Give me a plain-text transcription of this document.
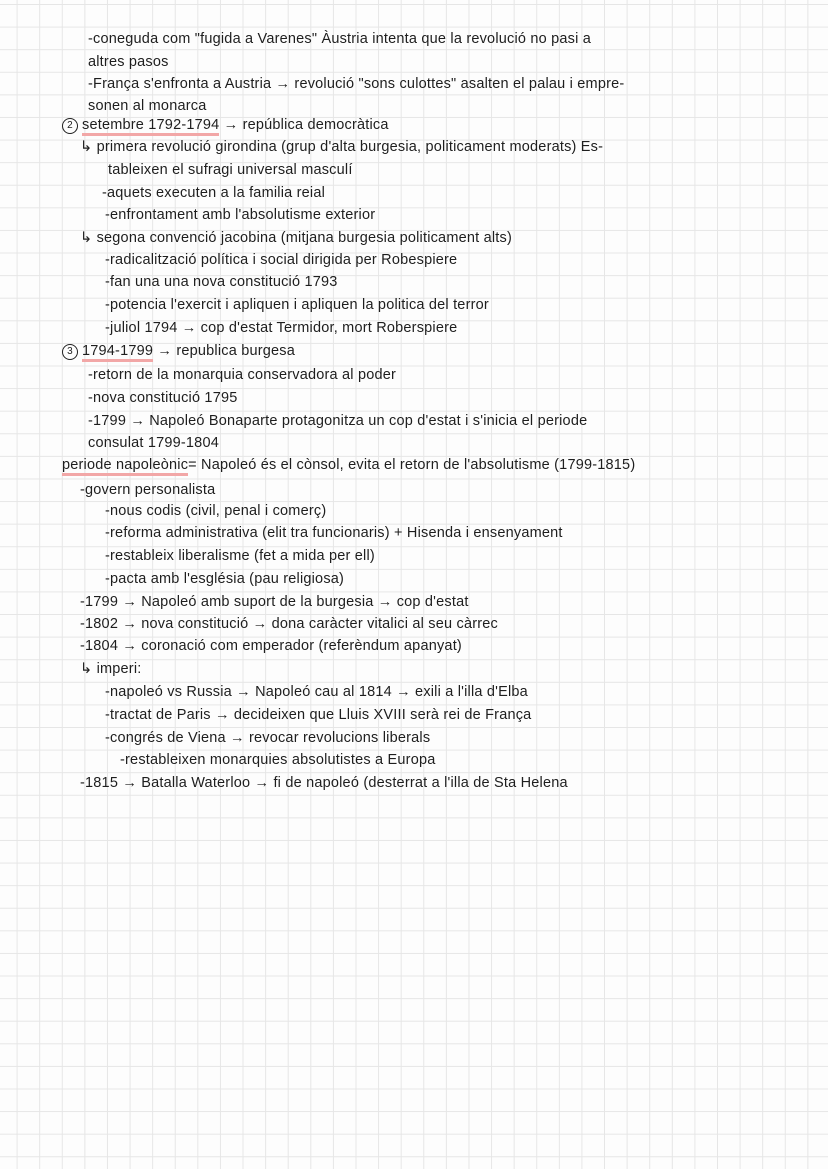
-coneguda com "fugida a Varenes" Àustria intenta que la revolució no pasi a
altres pasos
-França s'enfronta a Austria → revolució "sons culottes" asalten el palau i empre-
sonen al monarca
2 setembre 1792-1794 → república democràtica
↳ primera revolució girondina (grup d'alta burgesia, politicament moderats) Es-
tableixen el sufragi universal masculí
-aquets executen a la familia reial
-enfrontament amb l'absolutisme exterior
↳ segona convenció jacobina (mitjana burgesia politicament alts)
-radicalització política i social dirigida per Robespiere
-fan una una nova constitució 1793
-potencia l'exercit i apliquen i apliquen la politica del terror
-juliol 1794 → cop d'estat Termidor, mort Roberspiere
3 1794-1799 → republica burgesa
-retorn de la monarquia conservadora al poder
-nova constitució 1795
-1799 → Napoleó Bonaparte protagonitza un cop d'estat i s'inicia el periode
consulat 1799-1804
periode napoleònic= Napoleó és el cònsol, evita el retorn de l'absolutisme (1799-1815)
-govern personalista
-nous codis (civil, penal i comerç)
-reforma administrativa (elit tra funcionaris) + Hisenda i ensenyament
-restableix liberalisme (fet a mida per ell)
-pacta amb l'església (pau religiosa)
-1799 → Napoleó amb suport de la burgesia → cop d'estat
-1802 → nova constitució → dona caràcter vitalici al seu càrrec
-1804 → coronació com emperador (referèndum apanyat)
↳ imperi:
-napoleó vs Russia → Napoleó cau al 1814 → exili a l'illa d'Elba
-tractat de Paris → decideixen que Lluis XVIII serà rei de França
-congrés de Viena → revocar revolucions liberals
-restableixen monarquies absolutistes a Europa
-1815 → Batalla Waterloo → fi de napoleó (desterrat a l'illa de Sta Helena
